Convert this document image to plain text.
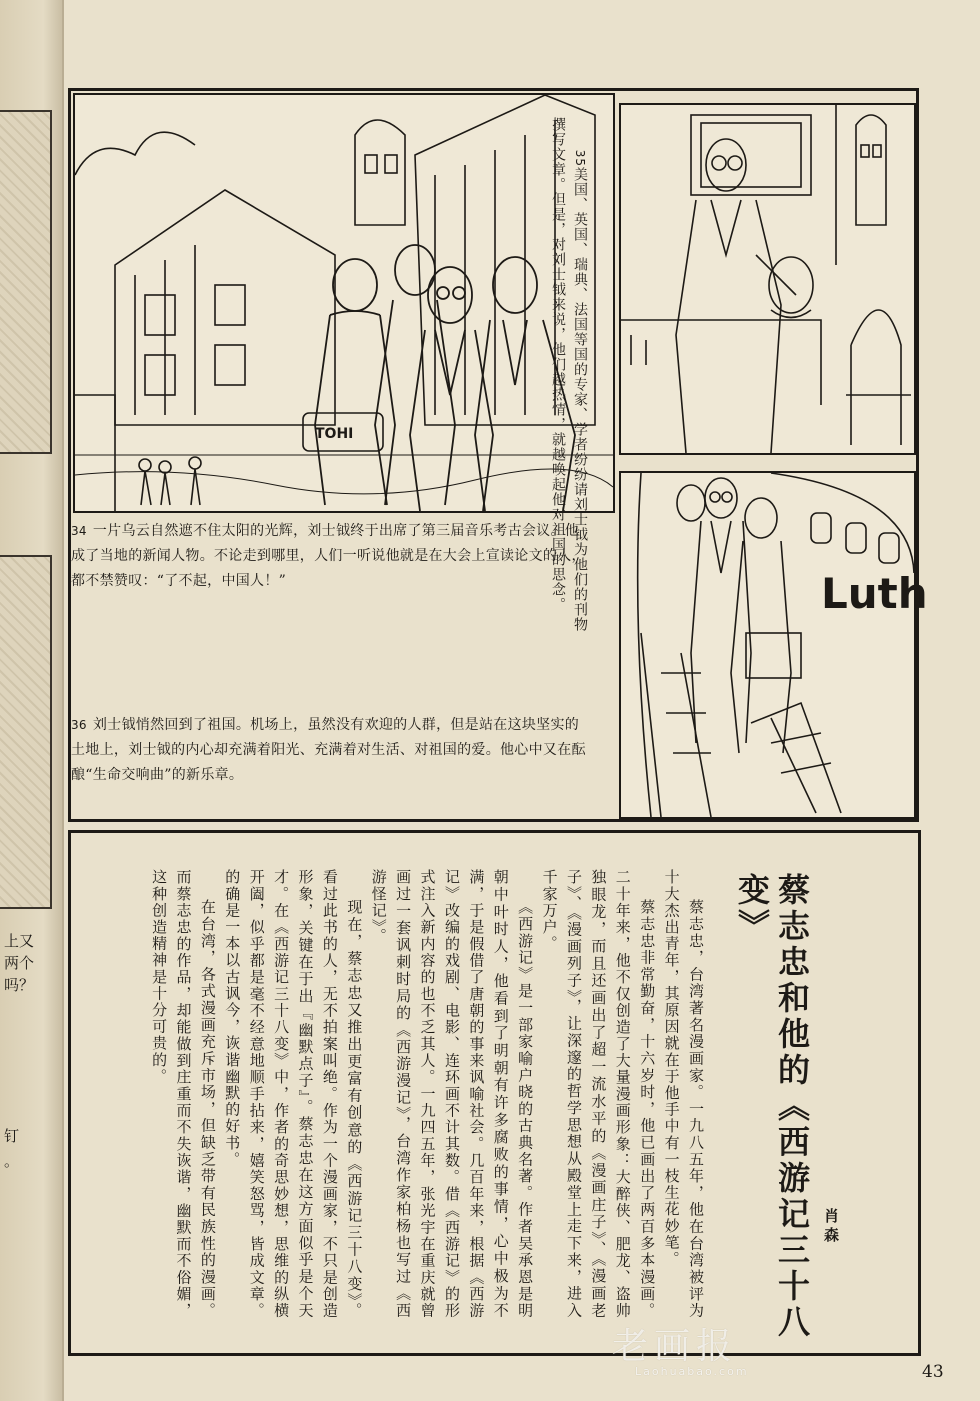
上又
两个
吗？
钉
。
ТОНІ
Luth
34 一片乌云自然遮不住太阳的光辉，刘士钺终于出席了第三届音乐考古会议。他成了当地的新闻人物。不论走到哪里，人们一听说他就是在大会上宣读论文的人，都不禁赞叹：“了不起，中国人！”

35美国、英国、瑞典、法国等国的专家、学者纷纷请刘士钺为他们的刊物撰写文章。但是，对刘士钺来说，他们越热情，就越唤起他对祖国的思念。

36 刘士钺悄然回到了祖国。机场上，虽然没有欢迎的人群，但是站在这块坚实的土地上，刘士钺的内心却充满着阳光、充满着对生活、对祖国的爱。他心中又在酝酿“生命交响曲”的新乐章。
蔡志忠和他的《西游记三十八变》
肖森

蔡志忠，台湾著名漫画家。一九八五年，他在台湾被评为十大杰出青年，其原因就在于他手中有一枝生花妙笔。

蔡志忠非常勤奋，十六岁时，他已画出了两百多本漫画。二十年来，他不仅创造了大量漫画形象：大醉侠、肥龙、盗帅独眼龙，而且还画出了超一流水平的《漫画庄子》、《漫画老子》、《漫画列子》，让深邃的哲学思想从殿堂上走下来，进入千家万户。

《西游记》是一部家喻户晓的古典名著。作者吴承恩是明朝中叶时人，他看到了明朝有许多腐败的事情，心中极为不满，于是假借了唐朝的事来讽喻社会。几百年来，根据《西游记》改编的戏剧、电影、连环画不计其数。借《西游记》的形式注入新内容的也不乏其人。一九四五年，张光宇在重庆就曾画过一套讽刺时局的《西游漫记》，台湾作家柏杨也写过《西游怪记》。

现在，蔡志忠又推出更富有创意的《西游记三十八变》。看过此书的人，无不拍案叫绝。作为一个漫画家，不只是创造形象，关键在于出『幽默点子』。蔡志忠在这方面似乎是个天才。在《西游记三十八变》中，作者的奇思妙想，思维的纵横开阖，似乎都是毫不经意地顺手拈来，嬉笑怒骂，皆成文章。的确是一本以古讽今，诙谐幽默的好书。

在台湾，各式漫画充斥市场，但缺乏带有民族性的漫画。而蔡志忠的作品，却能做到庄重而不失诙谐，幽默而不俗媚，这种创造精神是十分可贵的。

老画报
Laohuabao.com	43
